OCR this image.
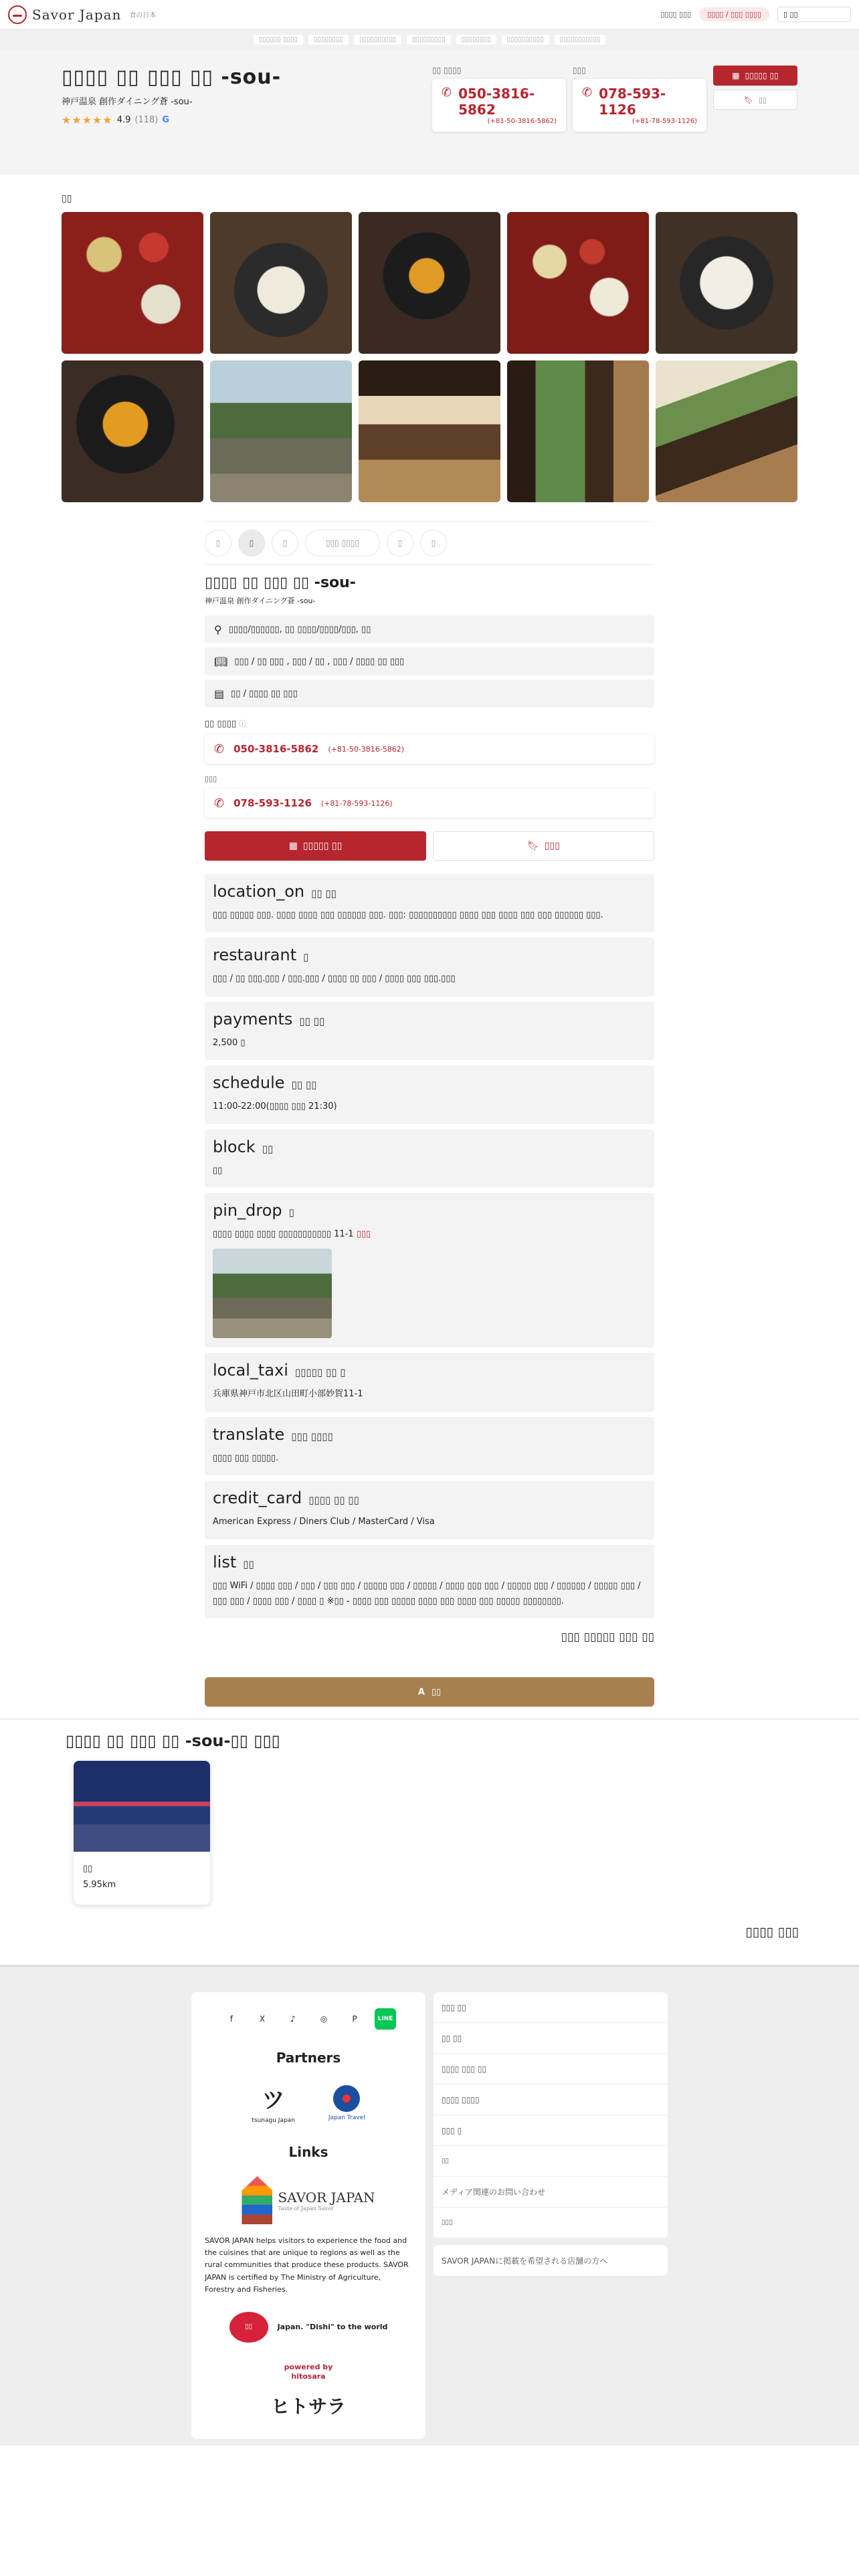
Savor Japan 食の日本	▯▯▯▯ ▯▯▯	▯▯▯▯ / ▯▯▯ ▯▯▯▯	▯ ▯▯
▯▯▯▯▯▯ ▯▯▯▯	▯▯▯▯▯▯▯▯	▯▯▯▯▯▯▯▯▯▯	▯▯▯▯▯▯▯▯▯	▯▯▯▯▯▯▯▯	▯▯▯▯▯▯▯▯▯▯	▯▯▯▯▯▯▯▯▯▯▯
▯▯▯▯ ▯▯ ▯▯▯ ▯▯ -sou-
神戸温泉 創作ダイニング蒼 -sou-
★★★★★ 4.9 (118) G
▯▯ ▯▯▯▯
✆ 050-3816-5862
(+81-50-3816-5862)
▯▯▯
✆ 078-593-1126
(+81-78-593-1126)
▦ ▯▯▯▯▯ ▯▯
🔖︎ ▯▯
▯▯
▯	▯	▯	▯▯▯ ▯▯▯▯	▯	▯
▯▯▯▯ ▯▯ ▯▯▯ ▯▯ -sou-
神戸温泉 創作ダイニング蒼 -sou-
⚲ ▯▯▯▯/▯▯▯▯▯▯, ▯▯ ▯▯▯▯/▯▯▯▯/▯▯▯, ▯▯
📖︎ ▯▯▯ / ▯▯ ▯▯▯ , ▯▯▯ / ▯▯ , ▯▯▯ / ▯▯▯▯ ▯▯ ▯▯▯
▤ ▯▯ / ▯▯▯▯ ▯▯ ▯▯▯
▯▯ ▯▯▯▯ ⓘ
✆ 050-3816-5862 (+81-50-3816-5862)
▯▯▯
✆ 078-593-1126 (+81-78-593-1126)
▦ ▯▯▯▯▯ ▯▯	🔖︎ ▯▯▯
location_on ▯▯ ▯▯
▯▯▯ ▯▯▯▯▯ ▯▯▯. ▯▯▯▯ ▯▯▯▯ ▯▯▯ ▯▯▯▯▯▯ ▯▯▯. ▯▯▯: ▯▯▯▯▯▯▯▯▯▯ ▯▯▯▯ ▯▯▯ ▯▯▯▯ ▯▯▯ ▯▯▯ ▯▯▯▯▯▯ ▯▯▯.
restaurant ▯
▯▯▯ / ▯▯ ▯▯▯.▯▯▯ / ▯▯▯.▯▯▯ / ▯▯▯▯ ▯▯ ▯▯▯ / ▯▯▯▯ ▯▯▯ ▯▯▯.▯▯▯
payments ▯▯ ▯▯
2,500 ▯
schedule ▯▯ ▯▯
11:00-22:00(▯▯▯▯ ▯▯▯ 21:30)
block ▯▯
▯▯
pin_drop ▯
▯▯▯▯ ▯▯▯▯ ▯▯▯▯ ▯▯▯▯▯▯▯▯▯▯▯ 11-1 ▯▯▯
local_taxi ▯▯▯▯▯ ▯▯ ▯
兵庫県神戸市北区山田町小部妙賀11-1
translate ▯▯▯ ▯▯▯▯
▯▯▯▯ ▯▯▯ ▯▯▯▯▯.
credit_card ▯▯▯▯ ▯▯ ▯▯
American Express / Diners Club / MasterCard / Visa
list ▯▯
▯▯▯ WiFi / ▯▯▯▯ ▯▯▯ / ▯▯▯ / ▯▯▯ ▯▯▯ / ▯▯▯▯▯ ▯▯▯ / ▯▯▯▯▯ / ▯▯▯▯ ▯▯▯ ▯▯▯ / ▯▯▯▯▯ ▯▯▯ / ▯▯▯▯▯▯ / ▯▯▯▯▯ ▯▯▯ / ▯▯▯ ▯▯▯ / ▯▯▯▯ ▯▯▯ / ▯▯▯▯ ▯ ※▯▯ - ▯▯▯▯ ▯▯▯ ▯▯▯▯▯ ▯▯▯▯ ▯▯▯ ▯▯▯▯ ▯▯▯ ▯▯▯▯▯ ▯▯▯▯▯▯▯▯.
▯▯▯ ▯▯▯▯▯ ▯▯▯ ▯▯
A ▯▯
▯▯▯▯ ▯▯ ▯▯▯ ▯▯ -sou-▯▯ ▯▯▯
▯▯
5.95km
▯▯▯▯ ▯▯▯
f	X	♪	◎	P	LINE
Partners
ツ
tsunagu Japan	Japan Travel
Links
SAVOR JAPAN
Taste of Japan Savor

SAVOR JAPAN helps visitors to experience the food and the cuisines that are unique to regions as well as the rural communities that produce these products. SAVOR JAPAN is certified by The Ministry of Agriculture, Forestry and Fisheries.

▯▯	Japan. "Dishi" to the world
powered by
hitosara
ヒトサラ
▯▯▯ ▯▯
▯▯ ▯▯
▯▯▯▯ ▯▯▯ ▯▯
▯▯▯▯ ▯▯▯▯
▯▯▯ ▯
▯▯
メディア関連のお問い合わせ
▯▯▯
SAVOR JAPANに掲載を希望される店舗の方へ
